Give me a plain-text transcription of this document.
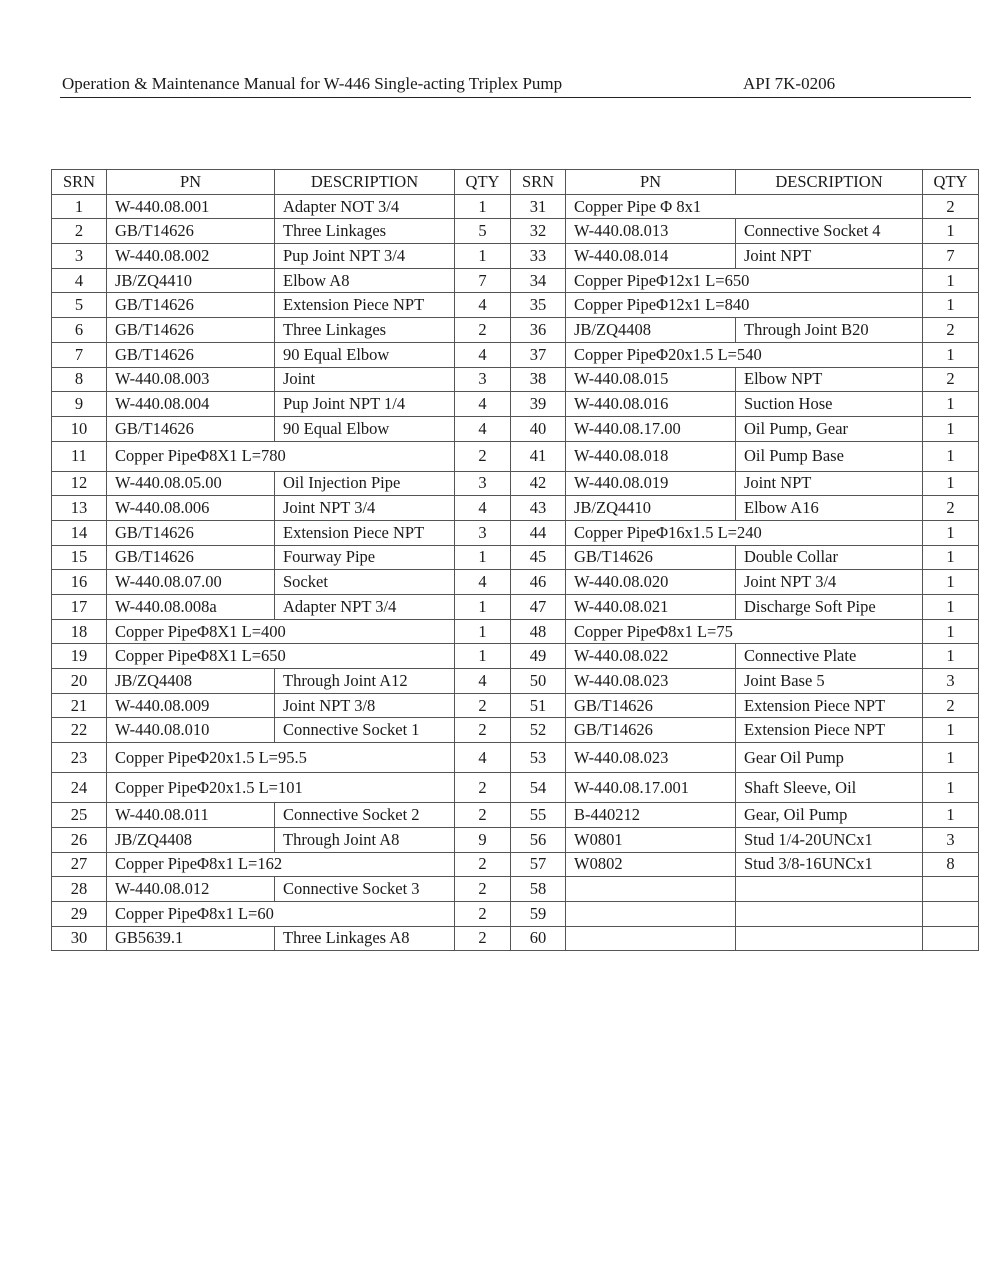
Operation & Maintenance Manual for W-446 Single-acting Triplex Pump	API 7K-0206
SRN	PN	DESCRIPTION	QTY	SRN	PN	DESCRIPTION	QTY
1	W-440.08.001	Adapter NOT 3/4	1	31	Copper Pipe Φ 8x1		2
2	GB/T14626	Three Linkages	5	32	W-440.08.013	Connective Socket 4	1
3	W-440.08.002	Pup Joint NPT 3/4	1	33	W-440.08.014	Joint NPT	7
4	JB/ZQ4410	Elbow A8	7	34	Copper PipeΦ12x1 L=650		1
5	GB/T14626	Extension Piece NPT	4	35	Copper PipeΦ12x1 L=840		1
6	GB/T14626	Three Linkages	2	36	JB/ZQ4408	Through Joint B20	2
7	GB/T14626	90 Equal Elbow	4	37	Copper PipeΦ20x1.5 L=540		1
8	W-440.08.003	Joint	3	38	W-440.08.015	Elbow NPT	2
9	W-440.08.004	Pup Joint NPT 1/4	4	39	W-440.08.016	Suction Hose	1
10	GB/T14626	90 Equal Elbow	4	40	W-440.08.17.00	Oil Pump, Gear	1
11	Copper PipeΦ8X1 L=780		2	41	W-440.08.018	Oil Pump Base	1
12	W-440.08.05.00	Oil Injection Pipe	3	42	W-440.08.019	Joint NPT	1
13	W-440.08.006	Joint NPT 3/4	4	43	JB/ZQ4410	Elbow A16	2
14	GB/T14626	Extension Piece NPT	3	44	Copper PipeΦ16x1.5 L=240		1
15	GB/T14626	Fourway Pipe	1	45	GB/T14626	Double Collar	1
16	W-440.08.07.00	Socket	4	46	W-440.08.020	Joint NPT 3/4	1
17	W-440.08.008a	Adapter NPT 3/4	1	47	W-440.08.021	Discharge Soft Pipe	1
18	Copper PipeΦ8X1 L=400		1	48	Copper PipeΦ8x1 L=75		1
19	Copper PipeΦ8X1 L=650		1	49	W-440.08.022	Connective Plate	1
20	JB/ZQ4408	Through Joint A12	4	50	W-440.08.023	Joint Base 5	3
21	W-440.08.009	Joint NPT 3/8	2	51	GB/T14626	Extension Piece NPT	2
22	W-440.08.010	Connective Socket 1	2	52	GB/T14626	Extension Piece NPT	1
23	Copper PipeΦ20x1.5 L=95.5		4	53	W-440.08.023	Gear Oil Pump	1
24	Copper PipeΦ20x1.5 L=101		2	54	W-440.08.17.001	Shaft Sleeve, Oil	1
25	W-440.08.011	Connective Socket 2	2	55	B-440212	Gear, Oil Pump	1
26	JB/ZQ4408	Through Joint A8	9	56	W0801	Stud 1/4-20UNCx1	3
27	Copper PipeΦ8x1 L=162		2	57	W0802	Stud 3/8-16UNCx1	8
28	W-440.08.012	Connective Socket 3	2	58			
29	Copper PipeΦ8x1 L=60		2	59			
30	GB5639.1	Three Linkages A8	2	60			
